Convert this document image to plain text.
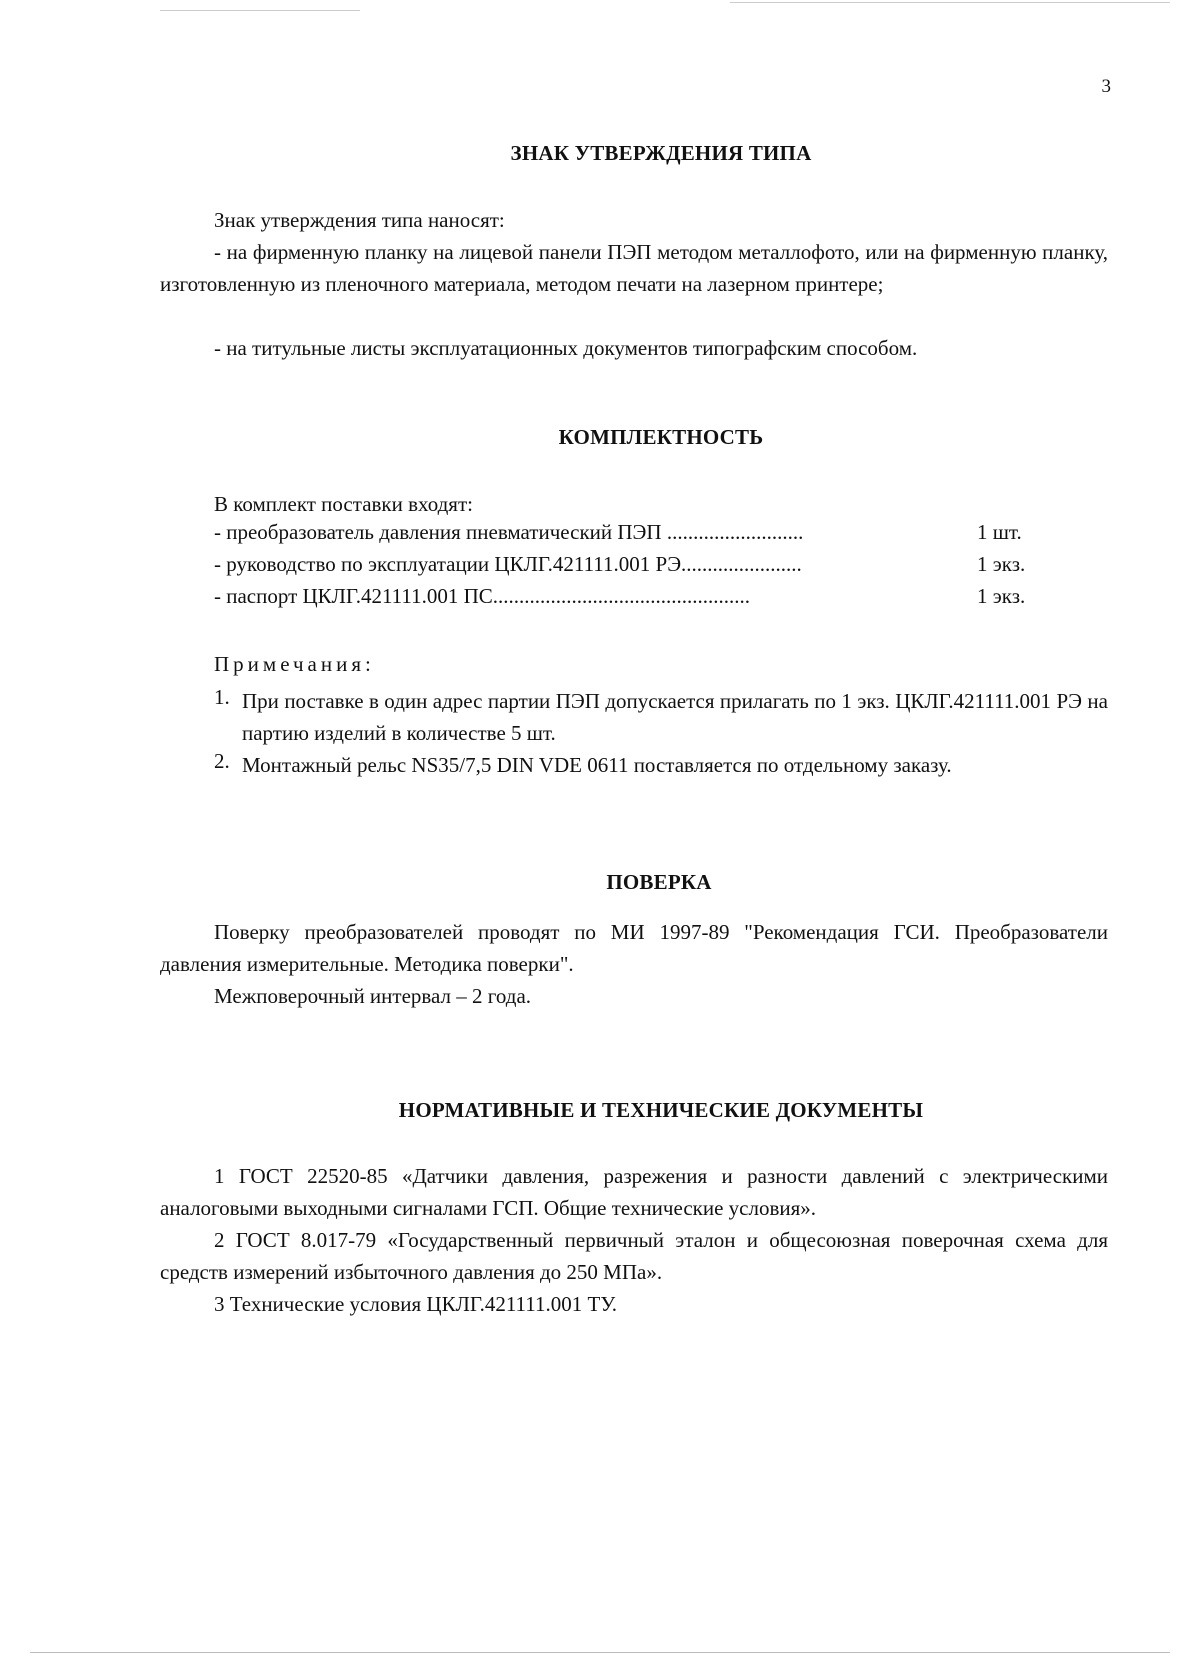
3
ЗНАК УТВЕРЖДЕНИЯ ТИПА
Знак утверждения типа наносят:
- на фирменную планку на лицевой панели ПЭП методом металлофото, или на фирменную планку, изготовленную из пленочного материала, методом печати на лазерном принтере;
- на титульные листы эксплуатационных документов типографским способом.
КОМПЛЕКТНОСТЬ
В комплект поставки входят:
- преобразователь давления пневматический ПЭП ..........................	1 шт.
- руководство по эксплуатации ЦКЛГ.421111.001 РЭ.......................	1 экз.
- паспорт ЦКЛГ.421111.001 ПС.................................................	1 экз.
Примечания:
1. При поставке в один адрес партии ПЭП допускается прилагать по 1 экз. ЦКЛГ.421111.001 РЭ на партию изделий в количестве 5 шт.
2. Монтажный рельс NS35/7,5 DIN VDE 0611 поставляется по отдельному заказу.
ПОВЕРКА
Поверку преобразователей проводят по МИ 1997-89 "Рекомендация ГСИ. Преобразователи давления измерительные. Методика поверки".
Межповерочный интервал – 2 года.
НОРМАТИВНЫЕ И ТЕХНИЧЕСКИЕ ДОКУМЕНТЫ
1 ГОСТ 22520-85 «Датчики давления, разрежения и разности давлений с электрическими аналоговыми выходными сигналами ГСП. Общие технические условия».
2 ГОСТ 8.017-79 «Государственный первичный эталон и общесоюзная поверочная схема для средств измерений избыточного давления до 250 МПа».
3 Технические условия ЦКЛГ.421111.001 ТУ.
